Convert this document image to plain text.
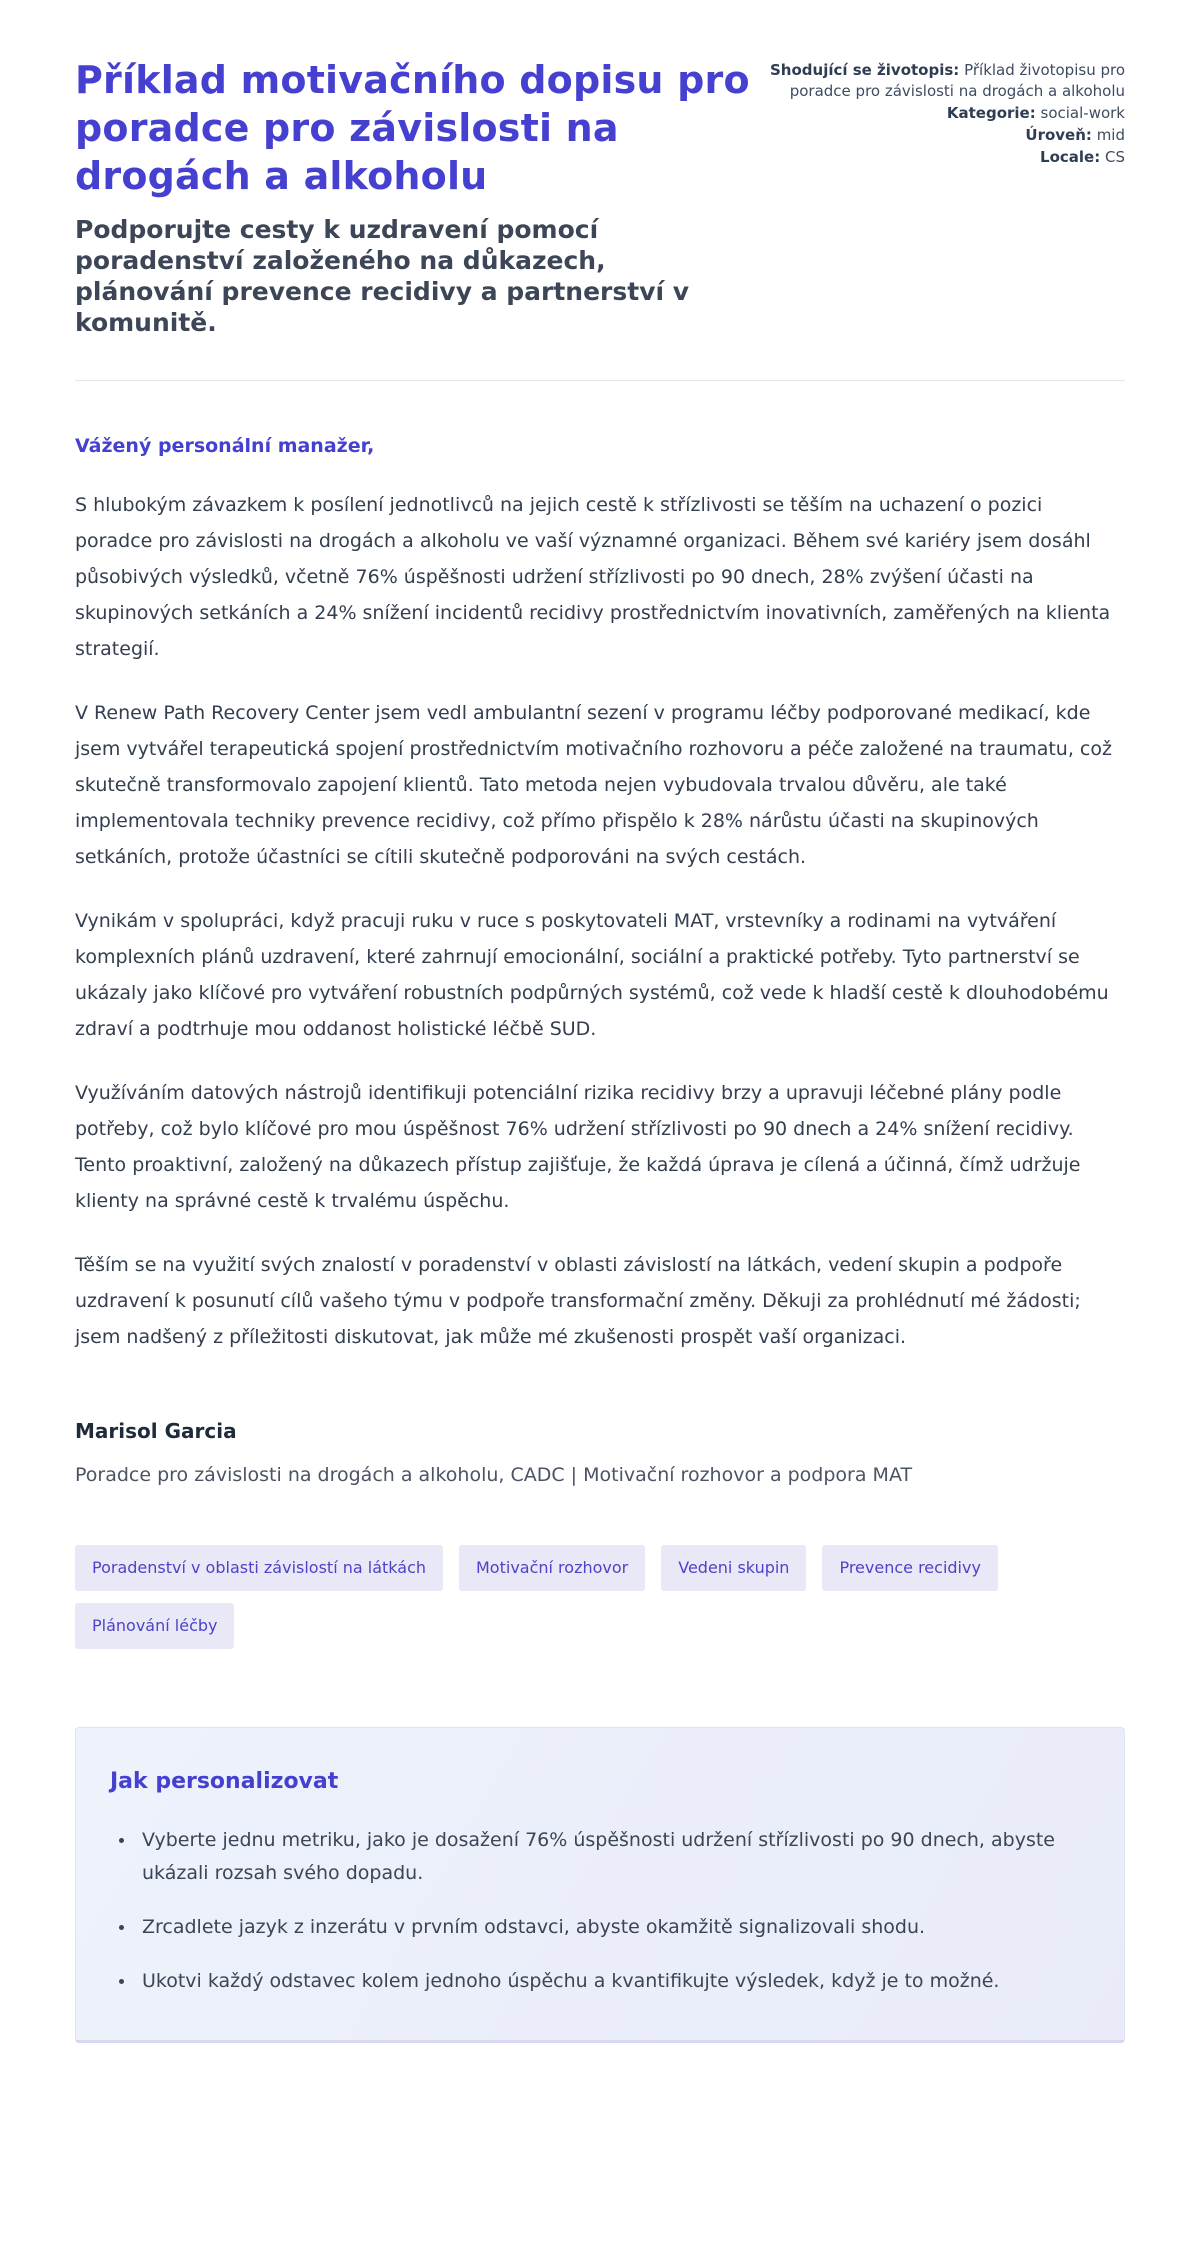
Příklad motivačního dopisu pro poradce pro závislosti na drogách a alkoholu
Podporujte cesty k uzdravení pomocí poradenství založeného na důkazech, plánování prevence recidivy a partnerství v komunitě.
Shodující se životopis: Příklad životopisu pro poradce pro závislosti na drogách a alkoholu
Kategorie: social-work
Úroveň: mid
Locale: CS

Vážený personální manažer,

S hlubokým závazkem k posílení jednotlivců na jejich cestě k střízlivosti se těším na uchazení o pozici poradce pro závislosti na drogách a alkoholu ve vaší významné organizaci. Během své kariéry jsem dosáhl působivých výsledků, včetně 76% úspěšnosti udržení střízlivosti po 90 dnech, 28% zvýšení účasti na skupinových setkáních a 24% snížení incidentů recidivy prostřednictvím inovativních, zaměřených na klienta strategií.

V Renew Path Recovery Center jsem vedl ambulantní sezení v programu léčby podporované medikací, kde jsem vytvářel terapeutická spojení prostřednictvím motivačního rozhovoru a péče založené na traumatu, což skutečně transformovalo zapojení klientů. Tato metoda nejen vybudovala trvalou důvěru, ale také implementovala techniky prevence recidivy, což přímo přispělo k 28% nárůstu účasti na skupinových setkáních, protože účastníci se cítili skutečně podporováni na svých cestách.

Vynikám v spolupráci, když pracuji ruku v ruce s poskytovateli MAT, vrstevníky a rodinami na vytváření komplexních plánů uzdravení, které zahrnují emocionální, sociální a praktické potřeby. Tyto partnerství se ukázaly jako klíčové pro vytváření robustních podpůrných systémů, což vede k hladší cestě k dlouhodobému zdraví a podtrhuje mou oddanost holistické léčbě SUD.

Využíváním datových nástrojů identifikuji potenciální rizika recidivy brzy a upravuji léčebné plány podle potřeby, což bylo klíčové pro mou úspěšnost 76% udržení střízlivosti po 90 dnech a 24% snížení recidivy. Tento proaktivní, založený na důkazech přístup zajišťuje, že každá úprava je cílená a účinná, čímž udržuje klienty na správné cestě k trvalému úspěchu.

Těším se na využití svých znalostí v poradenství v oblasti závislostí na látkách, vedení skupin a podpoře uzdravení k posunutí cílů vašeho týmu v podpoře transformační změny. Děkuji za prohlédnutí mé žádosti; jsem nadšený z příležitosti diskutovat, jak může mé zkušenosti prospět vaší organizaci.

Marisol Garcia
Poradce pro závislosti na drogách a alkoholu, CADC | Motivační rozhovor a podpora MAT
Poradenství v oblasti závislostí na látkách	Motivační rozhovor	Vedeni skupin	Prevence recidivy
Plánování léčby
Jak personalizovat
• Vyberte jednu metriku, jako je dosažení 76% úspěšnosti udržení střízlivosti po 90 dnech, abyste ukázali rozsah svého dopadu.
• Zrcadlete jazyk z inzerátu v prvním odstavci, abyste okamžitě signalizovali shodu.
• Ukotvi každý odstavec kolem jednoho úspěchu a kvantifikujte výsledek, když je to možné.
